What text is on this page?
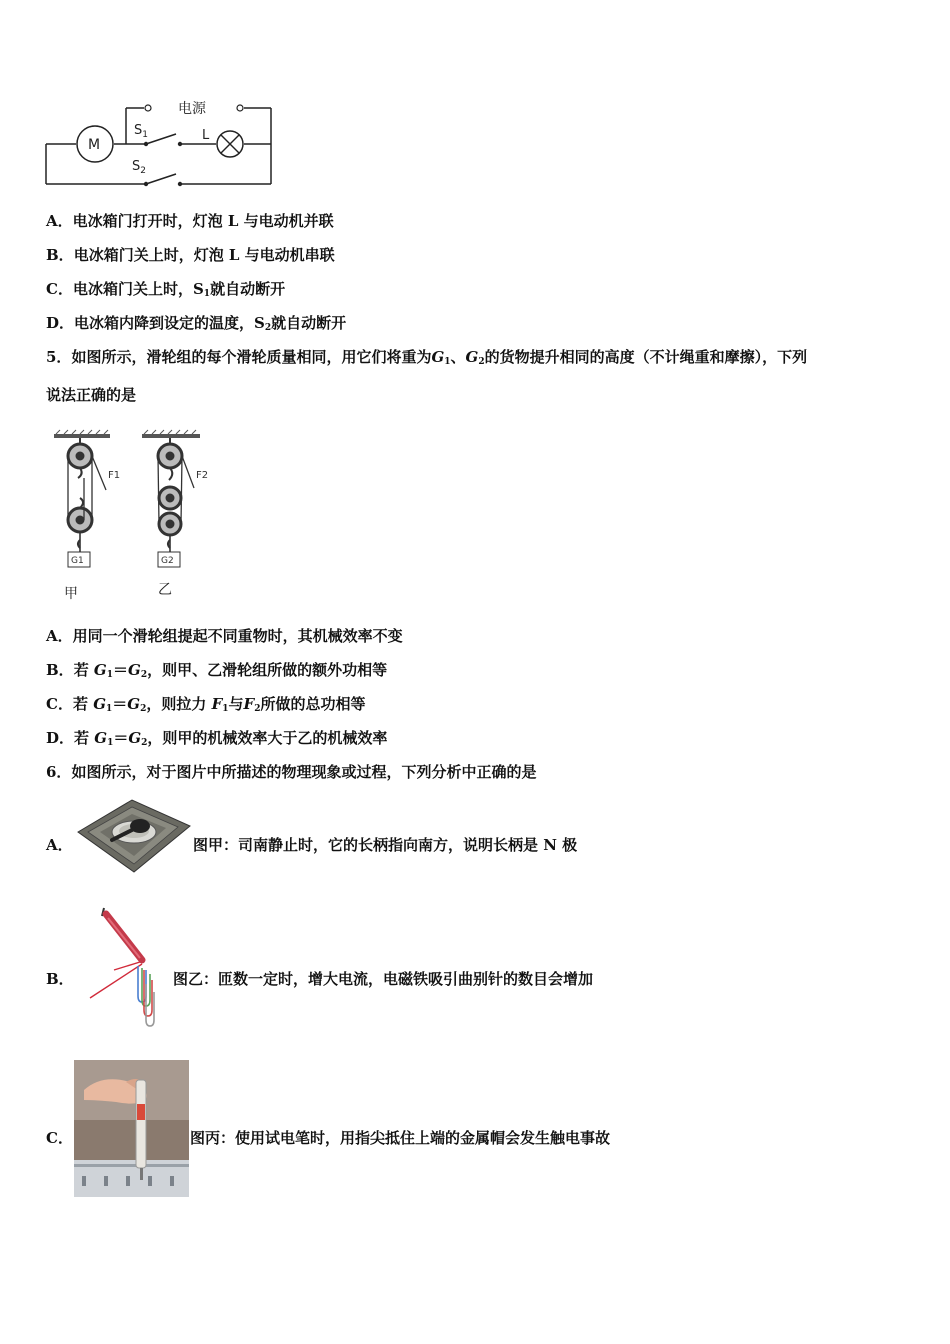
电源
M
$S_1$	L
$S_2$
A．电冰箱门打开时，灯泡 L 与电动机并联
B．电冰箱门关上时，灯泡 L 与电动机串联
C．电冰箱门关上时，$S_1$就自动断开
D．电冰箱内降到设定的温度，$S_2$就自动断开
5．如图所示，滑轮组的每个滑轮质量相同，用它们将重为$G_1$、$G_2$的货物提升相同的高度（不计绳重和摩擦），下列
说法正确的是
F1
G1
F2
G2
甲	乙
A．用同一个滑轮组提起不同重物时，其机械效率不变
B．若 $G_1=G_2$，则甲、乙滑轮组所做的额外功相等
C．若 $G_1=G_2$，则拉力 $F_1$与$F_2$所做的总功相等
D．若 $G_1=G_2$，则甲的机械效率大于乙的机械效率
6．如图所示，对于图片中所描述的物理现象或过程，下列分析中正确的是
A．	图甲：司南静止时，它的长柄指向南方，说明长柄是 N 极
B．	图乙：匝数一定时，增大电流，电磁铁吸引曲别针的数目会增加
C．	图丙：使用试电笔时，用指尖抵住上端的金属帽会发生触电事故
